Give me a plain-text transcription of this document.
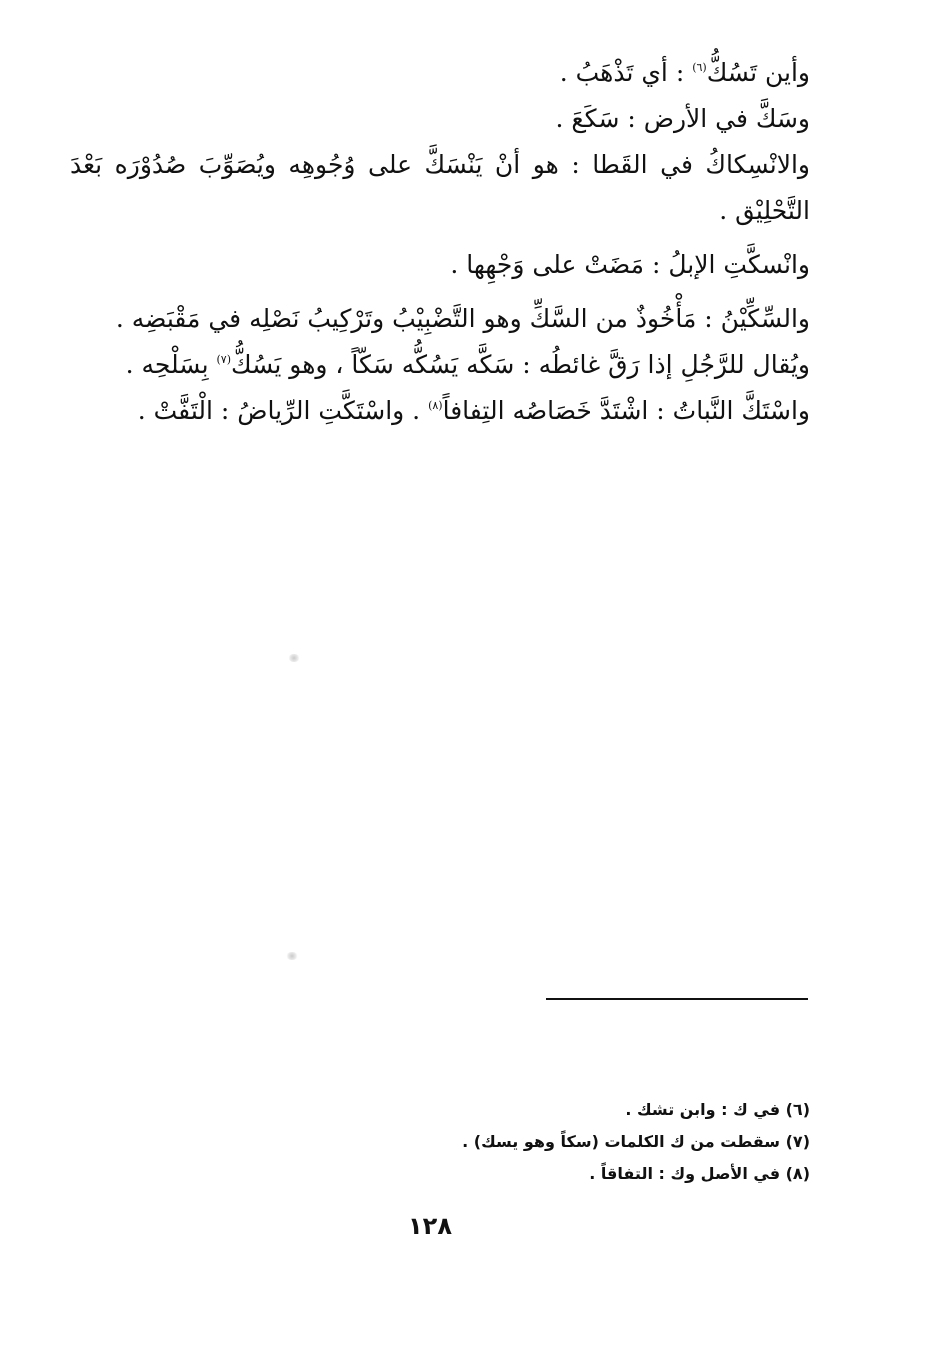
وأين تَسُكُّ$^{(٦)}$ : أي تَذْهَبُ .

وسَكَّ في الأرض : سَكَعَ .

والانْسِكاكُ في القَطا : هو أنْ يَنْسَكَّ على وُجُوهِه ويُصَوِّبَ صُدُوْرَه بَعْدَ

التَّحْلِيْق .

وانْسكَّتِ الإبلُ : مَضَتْ على وَجْهِها .

والسِّكِّيْنُ : مَأْخُوذٌ من السَّكِّ وهو التَّضْبِيْبُ وتَرْكِيبُ نَصْلِه في مَقْبَضِه .

ويُقال للرَّجُلِ إذا رَقَّ غائطُه : سَكَّه يَسُكُّه سَكّاً ، وهو يَسُكُّ$^{(٧)}$ بِسَلْحِه .

واسْتَكَّ النَّباتُ : اشْتَدَّ خَصَاصُه التِفافاً$^{(٨)}$ . واسْتَكَّتِ الرِّياضُ : الْتَفَّتْ .

(٦) في ك : وابن تشك .

(٧) سقطت من ك الكلمات (سكاً وهو يسك) .

(٨) في الأصل وك : التفاقاً .

١٢٨
